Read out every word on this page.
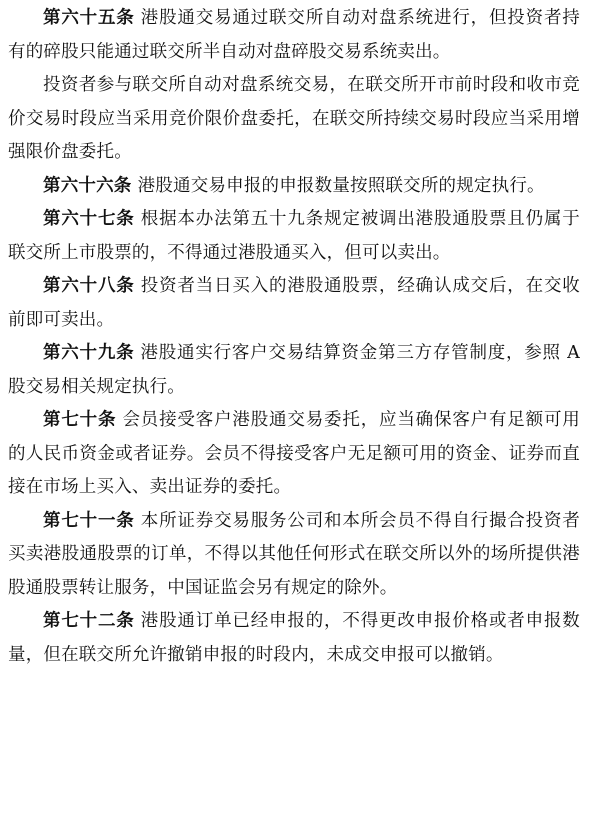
第六十五条 港股通交易通过联交所自动对盘系统进行，但投资者持有的碎股只能通过联交所半自动对盘碎股交易系统卖出。

投资者参与联交所自动对盘系统交易，在联交所开市前时段和收市竞价交易时段应当采用竞价限价盘委托，在联交所持续交易时段应当采用增强限价盘委托。

第六十六条 港股通交易申报的申报数量按照联交所的规定执行。

第六十七条 根据本办法第五十九条规定被调出港股通股票且仍属于联交所上市股票的，不得通过港股通买入，但可以卖出。

第六十八条 投资者当日买入的港股通股票，经确认成交后，在交收前即可卖出。

第六十九条 港股通实行客户交易结算资金第三方存管制度，参照 A 股交易相关规定执行。

第七十条 会员接受客户港股通交易委托，应当确保客户有足额可用的人民币资金或者证券。会员不得接受客户无足额可用的资金、证券而直接在市场上买入、卖出证券的委托。

第七十一条 本所证券交易服务公司和本所会员不得自行撮合投资者买卖港股通股票的订单，不得以其他任何形式在联交所以外的场所提供港股通股票转让服务，中国证监会另有规定的除外。

第七十二条 港股通订单已经申报的，不得更改申报价格或者申报数量，但在联交所允许撤销申报的时段内，未成交申报可以撤销。
